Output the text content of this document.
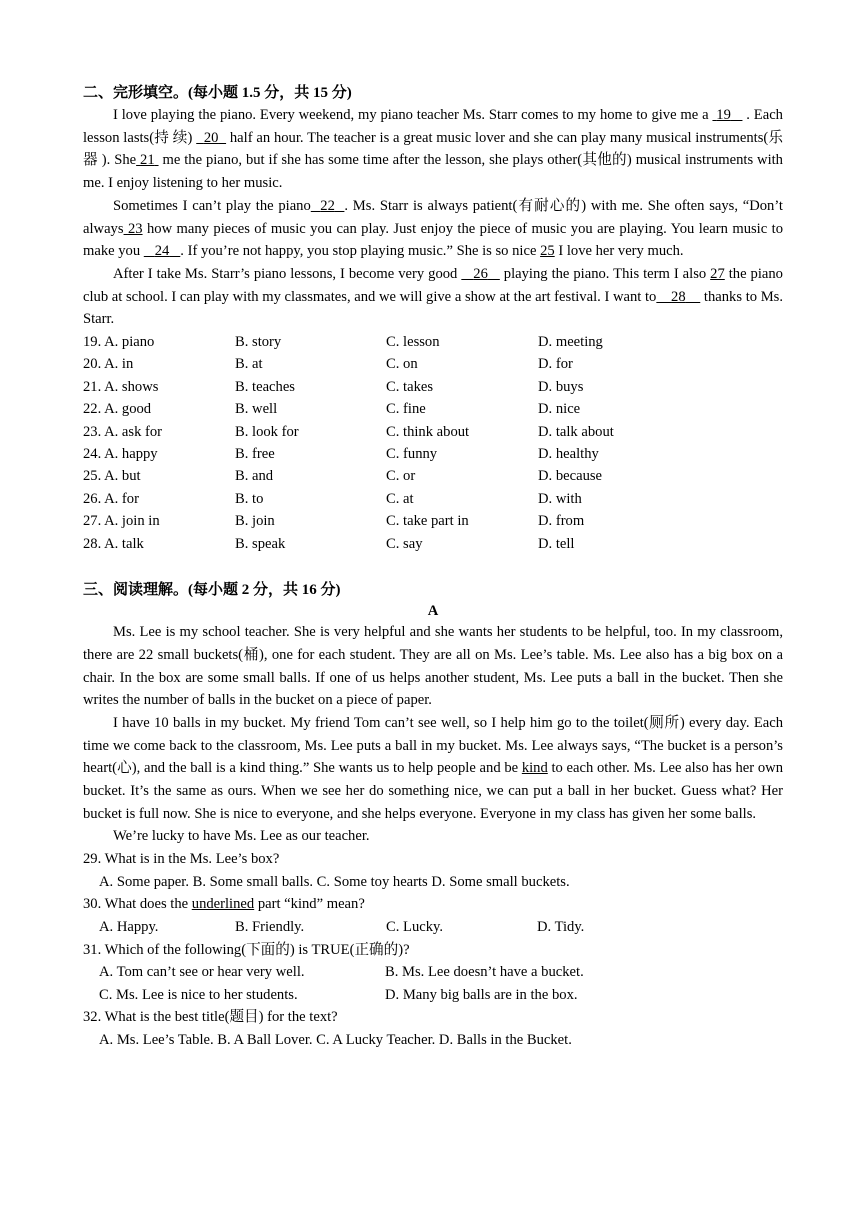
二、完形填空。(每小题 1.5 分，共 15 分)

I love playing the piano. Every weekend, my piano teacher Ms. Starr comes to my home to give me a  19    . Each lesson lasts(持 续)   20   half an hour. The teacher is a great music lover and she can play many musical instruments(乐 器 ). She 21  me the piano, but if she has some time after the lesson, she plays other(其他的) musical instruments with me. I enjoy listening to her music.

Sometimes I can’t play the piano 22 . Ms. Starr is always patient(有耐心的) with me. She often says, “Don’t always 23 how many pieces of music you can play. Just enjoy the piece of music you are playing. You learn music to make you    24 . If you’re not happy, you stop playing music.” She is so nice 25 I love her very much.

After I take Ms. Starr’s piano lessons, I become very good    26    playing the piano. This term I also 27 the piano club at school. I can play with my classmates, and we will give a show at the art festival. I want to 28     thanks to Ms. Starr.

19. A. piano	B. story	C. lesson	D. meeting
20. A. in	B. at	C. on	D. for
21. A. shows	B. teaches	C. takes	D. buys
22. A. good	B. well	C. fine	D. nice
23. A. ask for	B. look for	C. think about	D. talk about
24. A. happy	B. free	C. funny	D. healthy
25. A. but	B. and	C. or	D. because
26. A. for	B. to	C. at	D. with
27. A. join in	B. join	C. take part in	D. from
28. A. talk	B. speak	C. say	D. tell

三、阅读理解。(每小题 2 分，共 16 分)

A

Ms. Lee is my school teacher. She is very helpful and she wants her students to be helpful, too. In my classroom, there are 22 small buckets(桶), one for each student. They are all on Ms. Lee’s table. Ms. Lee also has a big box on a chair. In the box are some small balls. If one of us helps another student, Ms. Lee puts a ball in the bucket. Then she writes the number of balls in the bucket on a piece of paper.

I have 10 balls in my bucket. My friend Tom can’t see well, so I help him go to the toilet(厕所) every day. Each time we come back to the classroom, Ms. Lee puts a ball in my bucket. Ms. Lee always says, “The bucket is a person’s heart(心), and the ball is a kind thing.” She wants us to help people and be kind to each other. Ms. Lee also has her own bucket. It’s the same as ours. When we see her do something nice, we can put a ball in her bucket. Guess what? Her bucket is full now. She is nice to everyone, and she helps everyone. Everyone in my class has given her some balls.

We’re lucky to have Ms. Lee as our teacher.

29. What is in the Ms. Lee’s box?

A. Some paper. B. Some small balls. C. Some toy hearts D. Some small buckets.

30. What does the underlined part “kind” mean?

A. Happy.	B. Friendly.	C. Lucky.	D. Tidy.

31. Which of the following(下面的) is TRUE(正确的)?

A. Tom can’t see or hear very well.	B. Ms. Lee doesn’t have a bucket.
C. Ms. Lee is nice to her students.	D. Many big balls are in the box.

32. What is the best title(题目) for the text?

A. Ms. Lee’s Table. B. A Ball Lover. C. A Lucky Teacher. D. Balls in the Bucket.
